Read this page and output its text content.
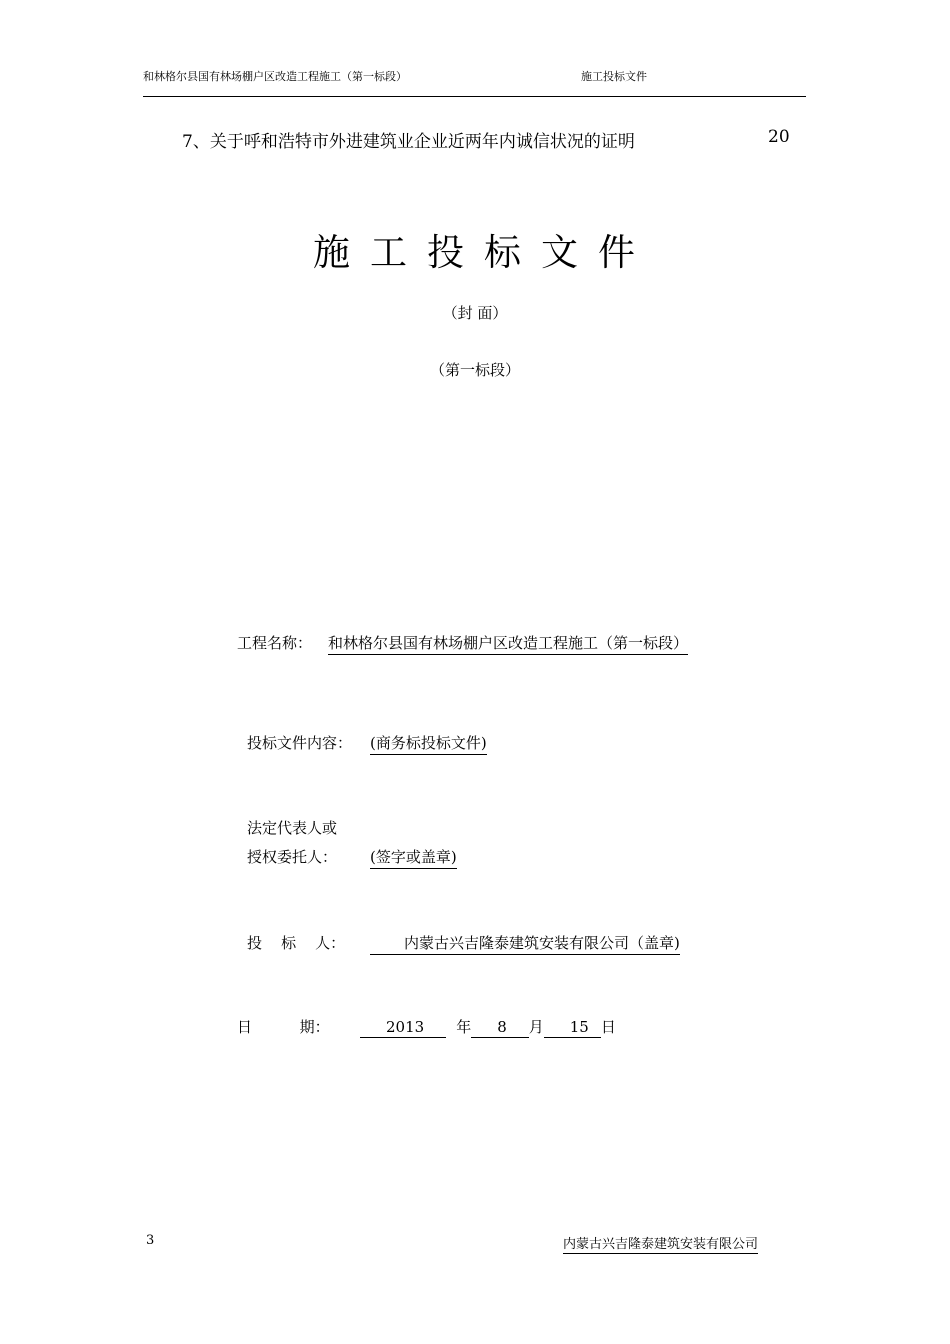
和林格尔县国有林场棚户区改造工程施工（第一标段）	施工投标文件
7、关于呼和浩特市外进建筑业企业近两年内诚信状况的证明	20
施工投标文件
（封 面）
（第一标段）
工程名称： 和林格尔县国有林场棚户区改造工程施工（第一标段）
投标文件内容： (商务标投标文件)
法定代表人或
授权委托人： (签字或盖章)
投    标    人：	内蒙古兴吉隆泰建筑安装有限公司（盖章)
日          期：	2013 年 8 月 15 日
3	内蒙古兴吉隆泰建筑安装有限公司
